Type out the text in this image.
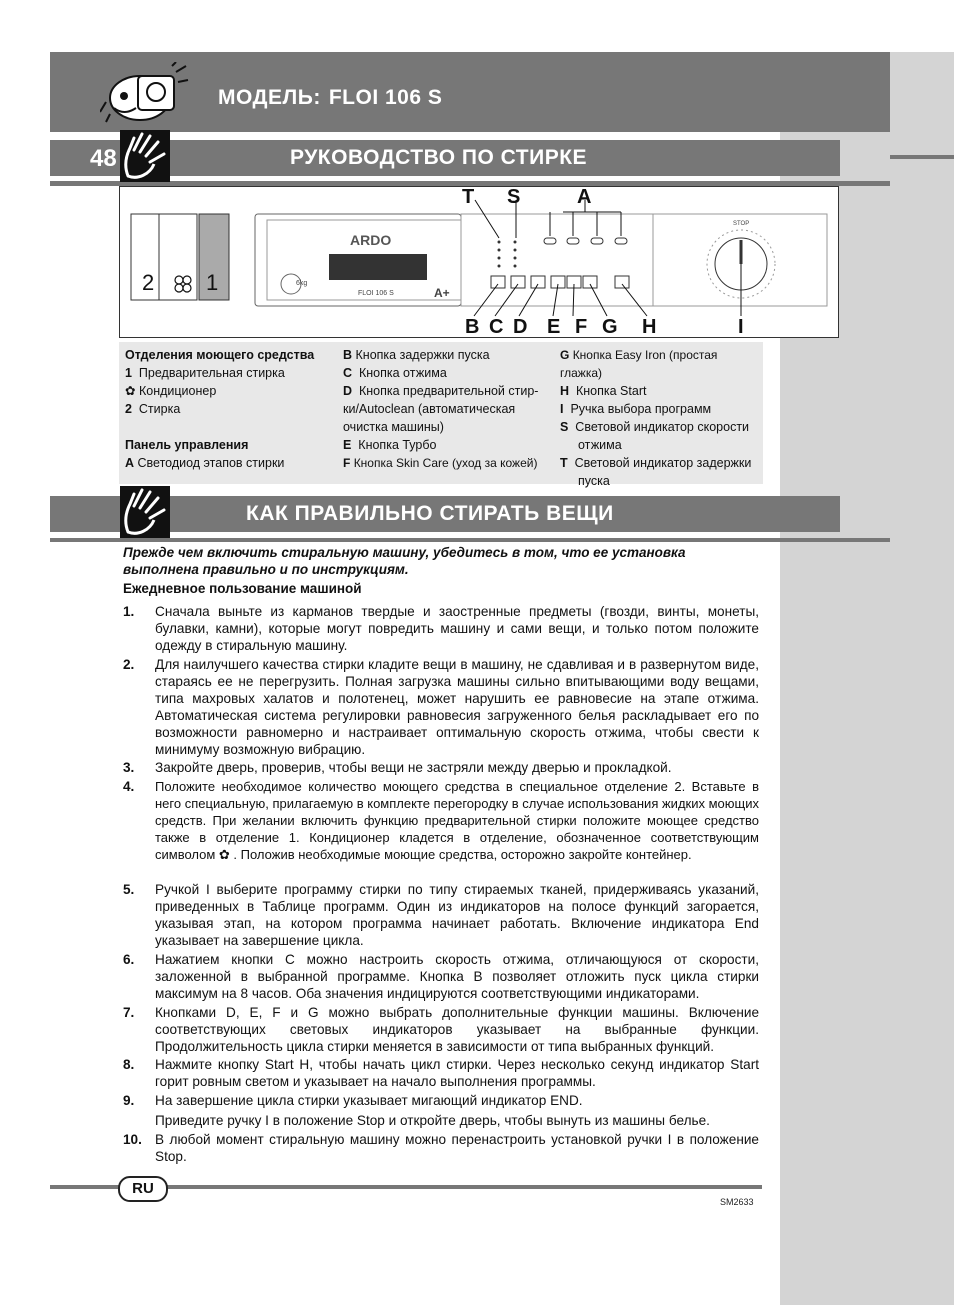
МОДЕЛЬ: FLOI 106 S
48	РУКОВОДСТВО ПО СТИРКЕ
2 1
ARDO
FLOI 106 S	A+
6kg
STOP
T S	A
B C D E F G H	I
Отделения моющего средства
1 Предварительная стирка
✿ Кондиционер
2 Стирка
Панель управления
A Светодиод этапов стирки
B Кнопка задержки пуска
C Кнопка отжима
D Кнопка предварительной стир-ки/Autoclean (автоматическая очистка машины)
E Кнопка Турбо
F Кнопка Skin Care (уход за кожей)
G Кнопка Easy Iron (простая глажка)
H Кнопка Start
I Ручка выбора программ
S Световой индикатор скорости отжима
T Световой индикатор задержки пуска
КАК ПРАВИЛЬНО СТИРАТЬ ВЕЩИ
Прежде чем включить стиральную машину, убедитесь в том, что ее установка выполнена правильно и по инструкциям.
Ежедневное пользование машиной
1. Сначала выньте из карманов твердые и заостренные предметы (гвозди, винты, монеты, булавки, камни), которые могут повредить машину и сами вещи, и только потом положите одежду в стиральную машину.
2. Для наилучшего качества стирки кладите вещи в машину, не сдавливая и в развернутом виде, стараясь ее не перегрузить. Полная загрузка машины сильно впитывающими воду вещами, типа махровых халатов и полотенец, может нарушить ее равновесие на этапе отжима. Автоматическая система регулировки равновесия загруженного белья раскладывает его по возможности равномерно и настраивает оптимальную скорость отжима, чтобы свести к минимуму возможную вибрацию.
3. Закройте дверь, проверив, чтобы вещи не застряли между дверью и прокладкой.
4. Положите необходимое количество моющего средства в специальное отделение 2. Вставьте в него специальную, прилагаемую в комплекте перегородку в случае использования жидких моющих средств. При желании включить функцию предварительной стирки положите моющее средство также в отделение 1. Кондиционер кладется в отделение, обозначенное соответствующим символом ✿ . Положив необходимые моющие средства, осторожно закройте контейнер.
5. Ручкой I выберите программу стирки по типу стираемых тканей, придерживаясь указаний, приведенных в Таблице программ. Один из индикаторов на полосе функций загорается, указывая этап, на котором программа начинает работать. Включение индикатора End указывает на завершение цикла.
6. Нажатием кнопки C можно настроить скорость отжима, отличающуюся от скорости, заложенной в выбранной программе. Кнопка B позволяет отложить пуск цикла стирки максимум на 8 часов. Оба значения индицируются соответствующими индикаторами.
7. Кнопками D, E, F и G можно выбрать дополнительные функции машины. Включение соответствующих световых индикаторов указывает на выбранные функции. Продолжительность цикла стирки меняется в зависимости от типа выбранных функций.
8. Нажмите кнопку Start H, чтобы начать цикл стирки. Через несколько секунд индикатор Start горит ровным светом и указывает на начало выполнения программы.
9. На завершение цикла стирки указывает мигающий индикатор END.
Приведите ручку I в положение Stop и откройте дверь, чтобы вынуть из машины белье.
10. В любой момент стиральную машину можно перенастроить установкой ручки I в положение Stop.
RU
SM2633
